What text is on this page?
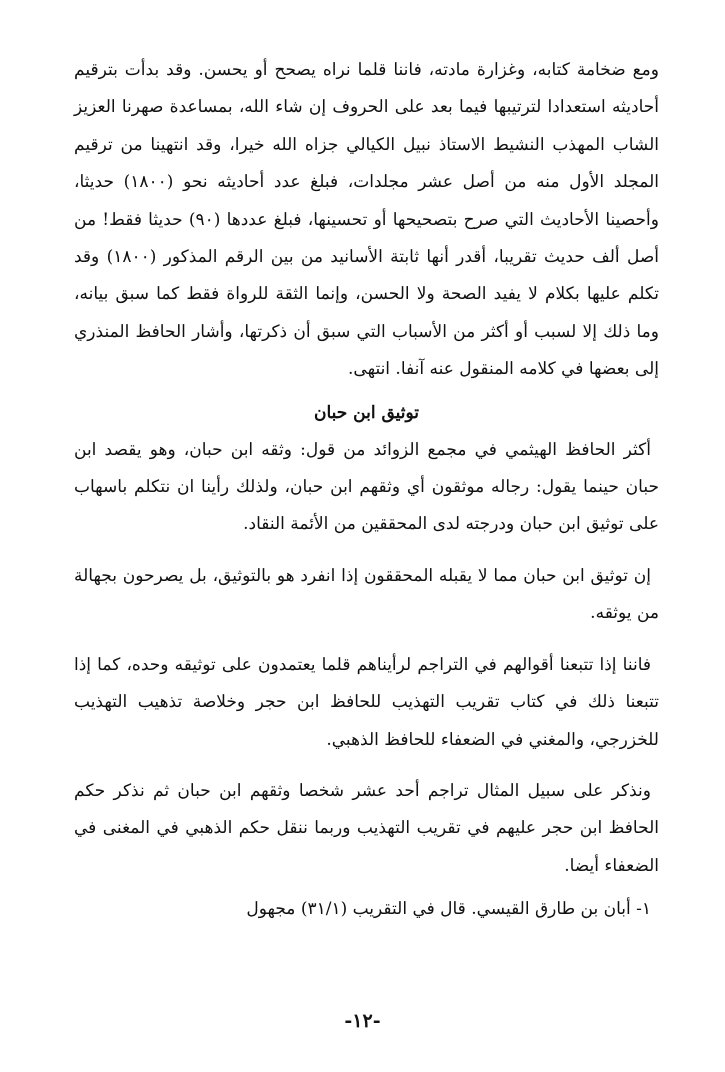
ومع ضخامة كتابه، وغزارة مادته، فاننا قلما نراه يصحح أو يحسن. وقد بدأت بترقيم أحاديثه استعدادا لترتيبها فيما بعد على الحروف إن شاء الله، بمساعدة صهرنا العزيز الشاب المهذب النشيط الاستاذ نبيل الكيالي جزاه الله خيرا، وقد انتهينا من ترقيم المجلد الأول منه من أصل عشر مجلدات، فبلغ عدد أحاديثه نحو (١٨٠٠) حديثا، وأحصينا الأحاديث التي صرح بتصحيحها أو تحسينها، فبلغ عددها (٩٠) حديثا فقط! من أصل ألف حديث تقريبا، أقدر أنها ثابتة الأسانيد من بين الرقم المذكور (١٨٠٠) وقد تكلم عليها بكلام لا يفيد الصحة ولا الحسن، وإنما الثقة للرواة فقط كما سبق بيانه، وما ذلك إلا لسبب أو أكثر من الأسباب التي سبق أن ذكرتها، وأشار الحافظ المنذري إلى بعضها في كلامه المنقول عنه آنفا. انتهى.

توثيق ابن حبان

أكثر الحافظ الهيثمي في مجمع الزوائد من قول: وثقه ابن حبان، وهو يقصد ابن حبان حينما يقول: رجاله موثقون أي وثقهم ابن حبان، ولذلك رأينا ان نتكلم باسهاب على توثيق ابن حبان ودرجته لدى المحققين من الأئمة النقاد.

إن توثيق ابن حبان مما لا يقبله المحققون إذا انفرد هو بالتوثيق، بل يصرحون بجهالة من يوثقه.

فاننا إذا تتبعنا أقوالهم في التراجم لرأيناهم قلما يعتمدون على توثيقه وحده، كما إذا تتبعنا ذلك في كتاب تقريب التهذيب للحافظ ابن حجر وخلاصة تذهيب التهذيب للخزرجي، والمغني في الضعفاء للحافظ الذهبي.

ونذكر على سبيل المثال تراجم أحد عشر شخصا وثقهم ابن حبان ثم نذكر حكم الحافظ ابن حجر عليهم في تقريب التهذيب وربما ننقل حكم الذهبي في المغنى في الضعفاء أيضا.

١- أبان بن طارق القيسي. قال في التقريب (٣١/١) مجهول

-١٢-
